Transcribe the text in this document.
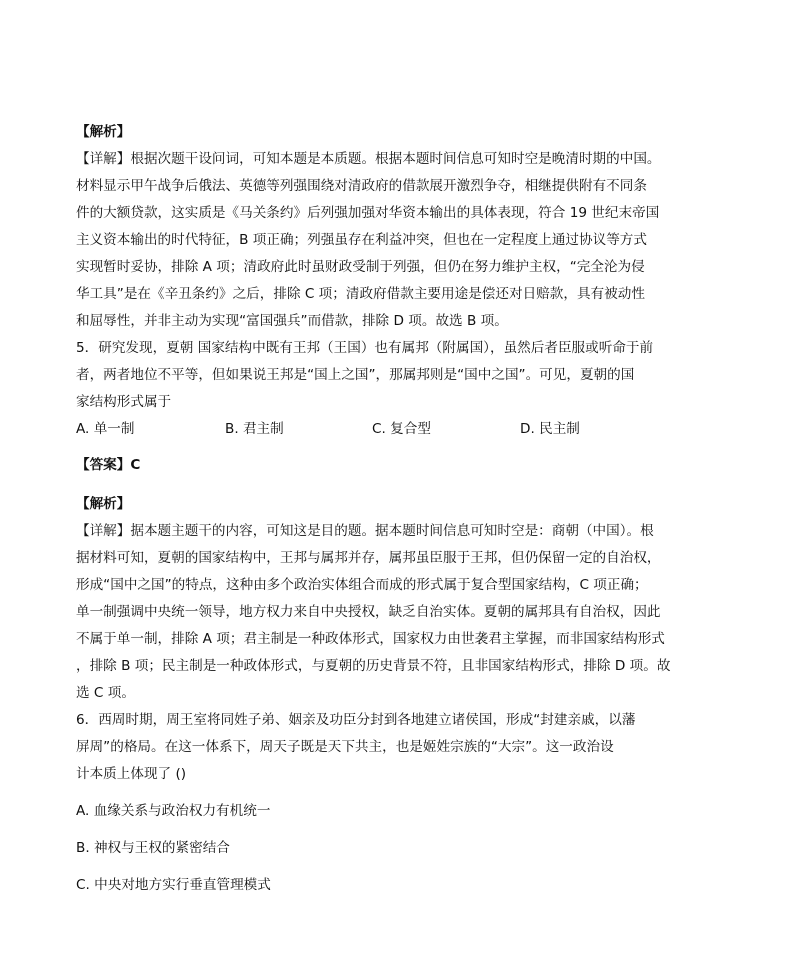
【解析】
【详解】根据次题干设问词，可知本题是本质题。根据本题时间信息可知时空是晚清时期的中国。
材料显示甲午战争后俄法、英德等列强围绕对清政府的借款展开激烈争夺，相继提供附有不同条
件的大额贷款，这实质是《马关条约》后列强加强对华资本输出的具体表现，符合 19 世纪末帝国
主义资本输出的时代特征，B 项正确；列强虽存在利益冲突，但也在一定程度上通过协议等方式
实现暂时妥协，排除 A 项；清政府此时虽财政受制于列强，但仍在努力维护主权，“完全沦为侵
华工具”是在《辛丑条约》之后，排除 C 项；清政府借款主要用途是偿还对日赔款，具有被动性
和屈辱性，并非主动为实现“富国强兵”而借款，排除 D 项。故选 B 项。
5．研究发现，夏朝 国家结构中既有王邦（王国）也有属邦（附属国），虽然后者臣服或听命于前
者，两者地位不平等，但如果说王邦是“国上之国”，那属邦则是“国中之国”。可见，夏朝的国
家结构形式属于
A. 单一制	B. 君主制	C. 复合型	D. 民主制
【答案】C
【解析】
【详解】据本题主题干的内容，可知这是目的题。据本题时间信息可知时空是：商朝（中国）。根
据材料可知，夏朝的国家结构中，王邦与属邦并存，属邦虽臣服于王邦，但仍保留一定的自治权，
形成“国中之国”的特点，这种由多个政治实体组合而成的形式属于复合型国家结构，C 项正确；
单一制强调中央统一领导，地方权力来自中央授权，缺乏自治实体。夏朝的属邦具有自治权，因此
不属于单一制，排除 A 项；君主制是一种政体形式，国家权力由世袭君主掌握，而非国家结构形式
，排除 B 项；民主制是一种政体形式，与夏朝的历史背景不符，且非国家结构形式，排除 D 项。故
选 C 项。
6．西周时期，周王室将同姓子弟、姻亲及功臣分封到各地建立诸侯国，形成“封建亲戚，以藩
屏周”的格局。在这一体系下，周天子既是天下共主，也是姬姓宗族的“大宗”。这一政治设
计本质上体现了 ()
A. 血缘关系与政治权力有机统一
B. 神权与王权的紧密结合
C. 中央对地方实行垂直管理模式
